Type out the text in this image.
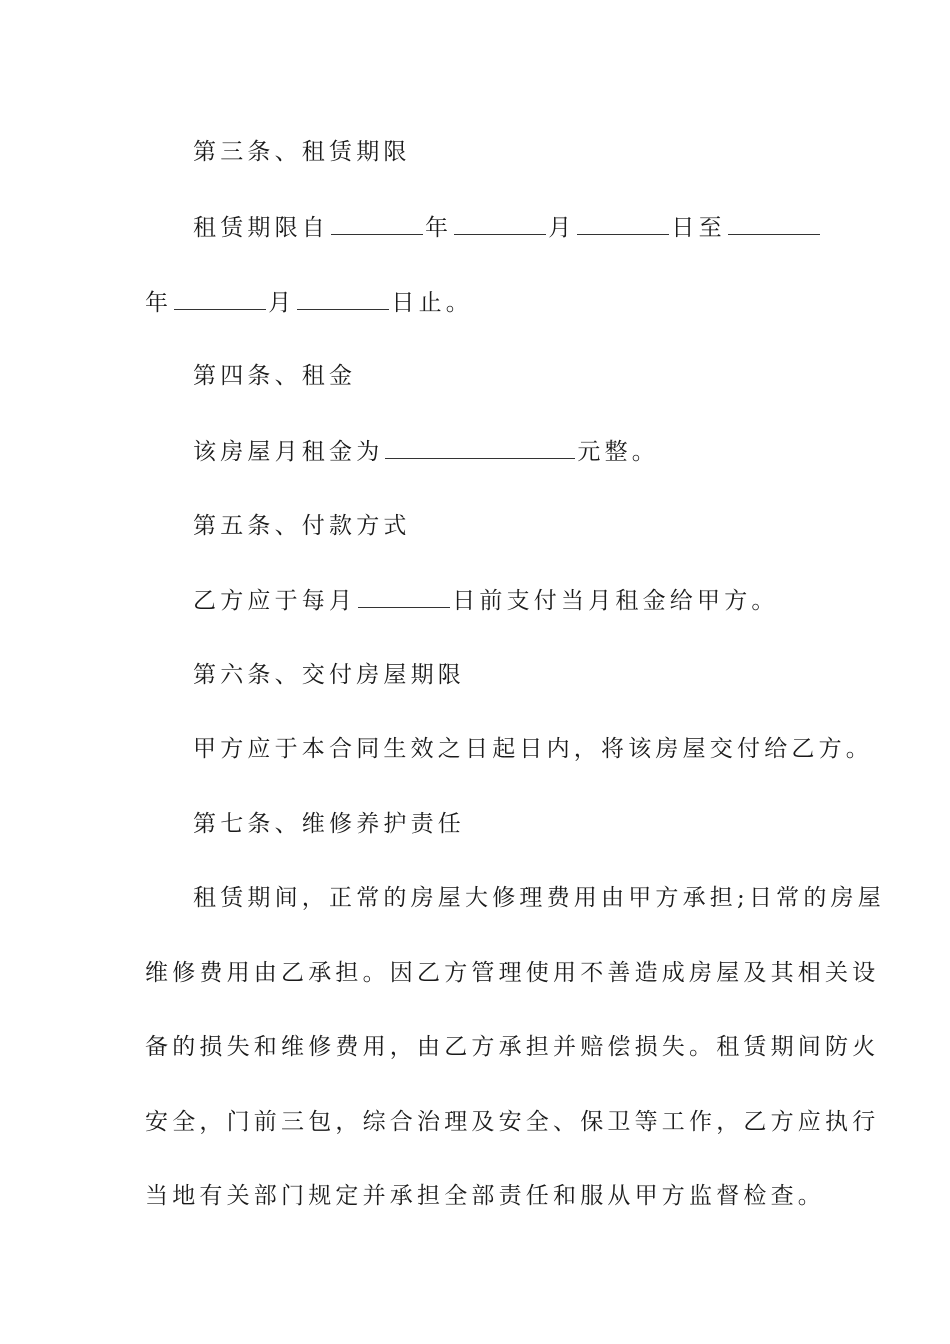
第三条、租赁期限
租赁期限自	年	月	日至
年	月	日止。
第四条、租金
该房屋月租金为	元整。
第五条、付款方式
乙方应于每月	日前支付当月租金给甲方。
第六条、交付房屋期限
甲方应于本合同生效之日起日内，将该房屋交付给乙方。
第七条、维修养护责任
租赁期间，正常的房屋大修理费用由甲方承担;日常的房屋
维修费用由乙承担。因乙方管理使用不善造成房屋及其相关设
备的损失和维修费用，由乙方承担并赔偿损失。租赁期间防火
安全，门前三包，综合治理及安全、保卫等工作，乙方应执行
当地有关部门规定并承担全部责任和服从甲方监督检查。
